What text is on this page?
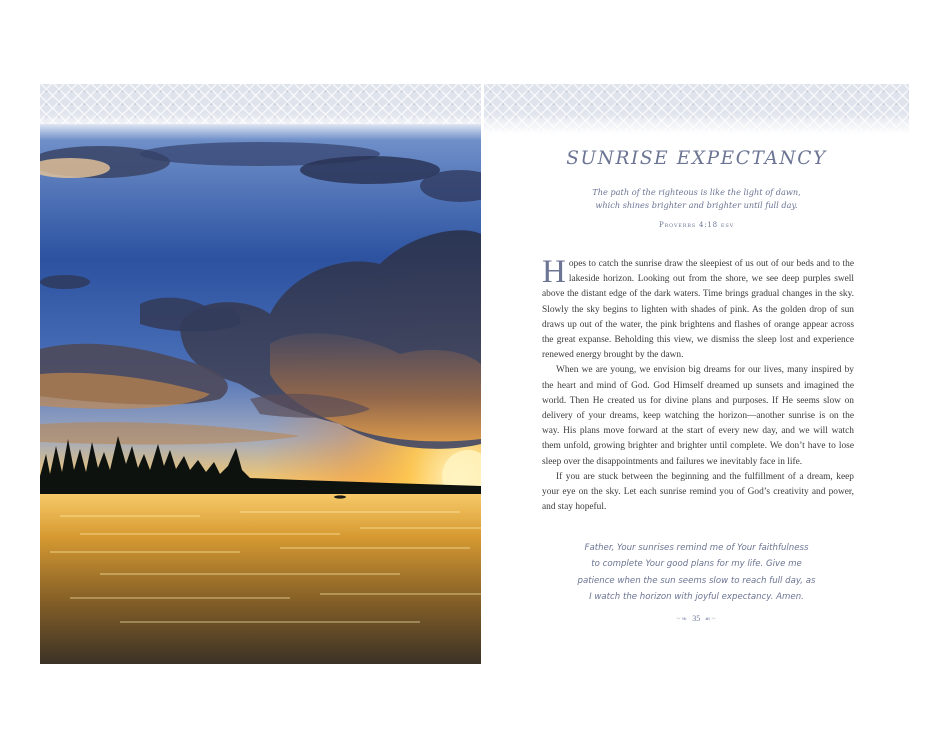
SUNRISE EXPECTANCY
The path of the righteous is like the light of dawn,
which shines brighter and brighter until full day.
Proverbs 4:18 esv

Hopes to catch the sunrise draw the sleepiest of us out of our beds and to the lakeside horizon. Looking out from the shore, we see deep purples swell above the distant edge of the dark waters. Time brings gradual changes in the sky. Slowly the sky begins to lighten with shades of pink. As the golden drop of sun draws up out of the water, the pink brightens and flashes of orange appear across the great expanse. Beholding this view, we dismiss the sleep lost and experience renewed energy brought by the dawn.

When we are young, we envision big dreams for our lives, many inspired by the heart and mind of God. God Himself dreamed up sunsets and imagined the world. Then He created us for divine plans and purposes. If He seems slow on delivery of your dreams, keep watching the horizon—another sunrise is on the way. His plans move forward at the start of every new day, and we will watch them unfold, growing brighter and brighter until complete. We don’t have to lose sleep over the disappointments and failures we inevitably face in life.

If you are stuck between the beginning and the fulfillment of a dream, keep your eye on the sky. Let each sunrise remind you of God’s creativity and power, and stay hopeful.

Father, Your sunrises remind me of Your faithfulness
to complete Your good plans for my life. Give me
patience when the sun seems slow to reach full day, as
I watch the horizon with joyful expectancy. Amen.
~❧ 35 ☙~
